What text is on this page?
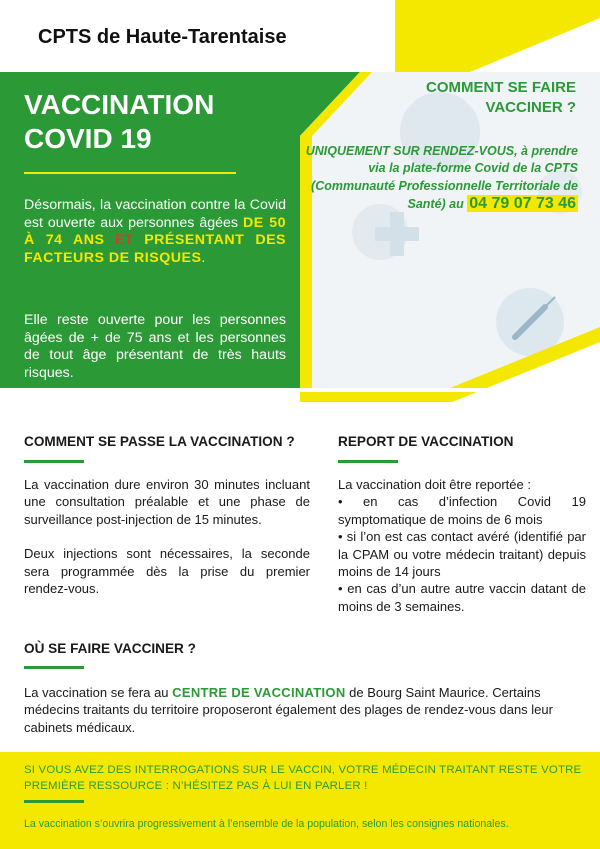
CPTS de Haute-Tarentaise
VACCINATION
COVID 19
Désormais, la vaccination contre la Covid est ouverte aux personnes âgées DE 50 À 74 ANS ET PRÉSENTANT DES FACTEURS DE RISQUES.
Elle reste ouverte pour les personnes âgées de + de 75 ans et les personnes de tout âge présentant de très hauts risques.
COMMENT SE FAIRE VACCINER ?
UNIQUEMENT SUR RENDEZ-VOUS, à prendre via la plate-forme Covid de la CPTS (Communauté Professionnelle Territoriale de Santé) au 04 79 07 73 46
COMMENT SE PASSE LA VACCINATION ?

La vaccination dure environ 30 minutes incluant une consultation préalable et une phase de surveillance post-injection de 15 minutes.

Deux injections sont nécessaires, la seconde sera programmée dès la prise du premier rendez-vous.

REPORT DE VACCINATION
La vaccination doit être reportée :
• en cas d’infection Covid 19 symptomatique de moins de 6 mois
• si l’on est cas contact avéré (identifié par la CPAM ou votre médecin traitant) depuis moins de 14 jours
• en cas d’un autre autre vaccin datant de moins de 3 semaines.
OÙ SE FAIRE VACCINER ?
La vaccination se fera au CENTRE DE VACCINATION de Bourg Saint Maurice. Certains médecins traitants du territoire proposeront également des plages de rendez-vous dans leur cabinets médicaux.
SI VOUS AVEZ DES INTERROGATIONS SUR LE VACCIN, VOTRE MÉDECIN TRAITANT RESTE VOTRE PREMIÈRE RESSOURCE : N’HÉSITEZ PAS À LUI EN PARLER !
La vaccination s’ouvrira progressivement à l’ensemble de la population, selon les consignes nationales.
